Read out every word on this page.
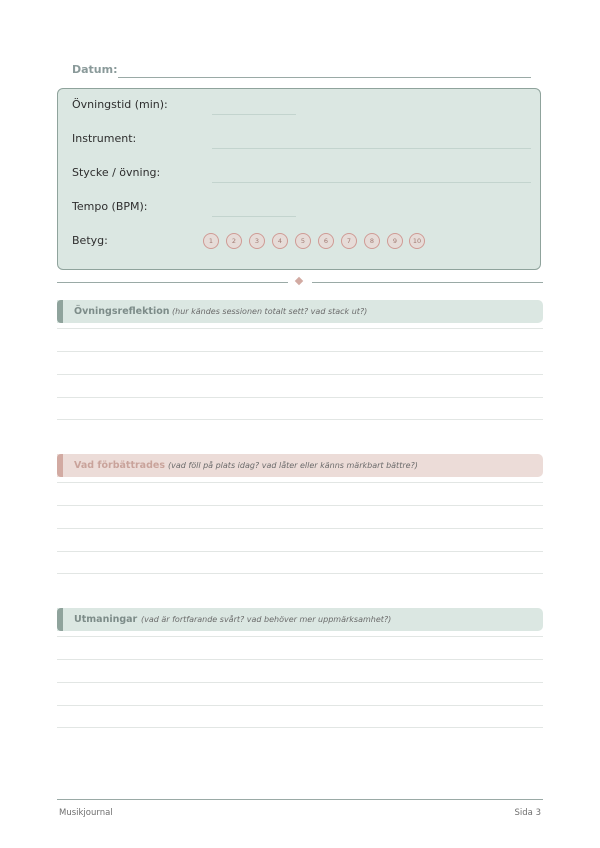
Datum:
Övningstid (min):
Instrument:
Stycke / övning:
Tempo (BPM):
Betyg:	1	2	3	4	5	6	7	8	9	10
Övningsreflektion (hur kändes sessionen totalt sett? vad stack ut?)
Vad förbättrades (vad föll på plats idag? vad låter eller känns märkbart bättre?)
Utmaningar (vad är fortfarande svårt? vad behöver mer uppmärksamhet?)
Musikjournal	Sida 3
